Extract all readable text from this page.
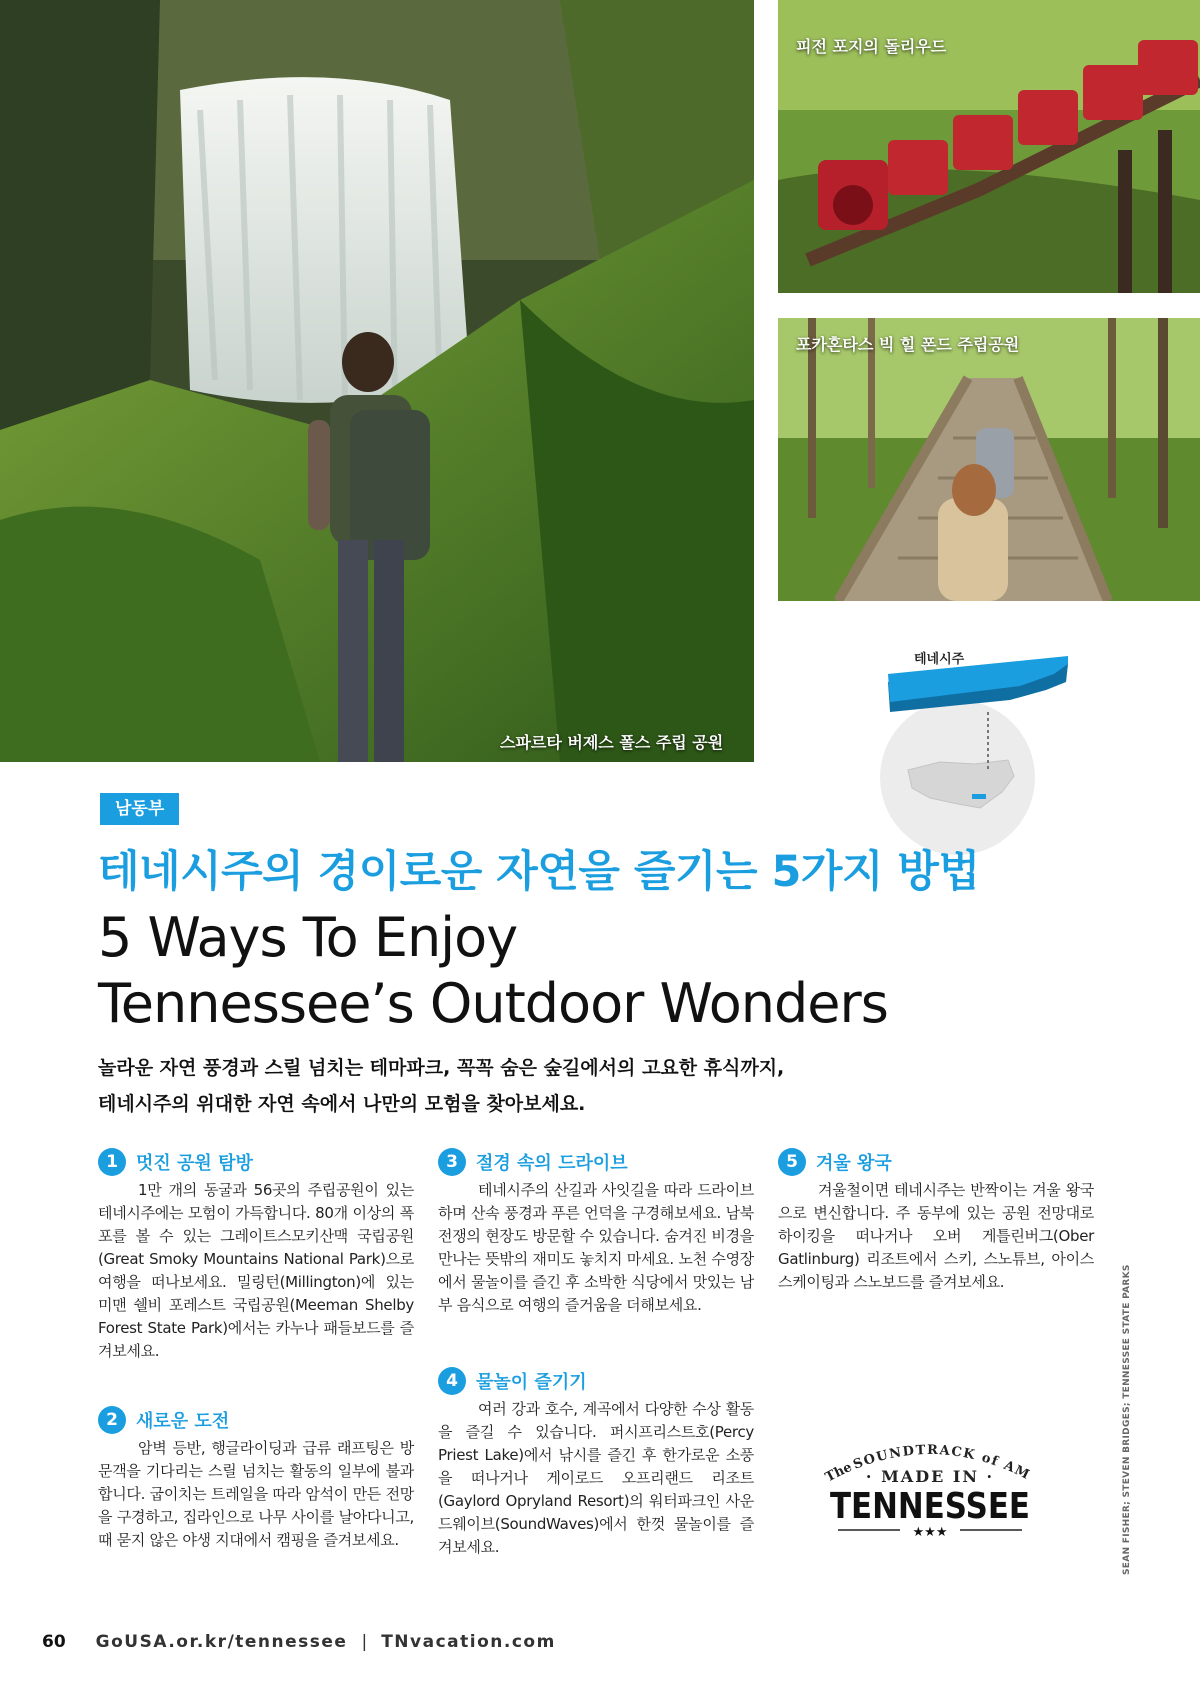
스파르타 버제스 폴스 주립 공원
피전 포지의 돌리우드
포카혼타스 빅 힐 폰드 주립공원
테네시주
남동부
테네시주의 경이로운 자연을 즐기는 5가지 방법
5 Ways To Enjoy
Tennessee’s Outdoor Wonders
놀라운 자연 풍경과 스릴 넘치는 테마파크, 꼭꼭 숨은 숲길에서의 고요한 휴식까지,
테네시주의 위대한 자연 속에서 나만의 모험을 찾아보세요.
1	멋진 공원 탐방

1만 개의 동굴과 56곳의 주립공원이 있는 테네시주에는 모험이 가득합니다. 80개 이상의 폭포를 볼 수 있는 그레이트스모키산맥 국립공원(Great Smoky Mountains National Park)으로 여행을 떠나보세요. 밀링턴(Millington)에 있는 미맨 쉘비 포레스트 국립공원(Meeman Shelby Forest State Park)에서는 카누나 패들보드를 즐겨보세요.

2	새로운 도전

암벽 등반, 행글라이딩과 급류 래프팅은 방문객을 기다리는 스릴 넘치는 활동의 일부에 불과합니다. 굽이치는 트레일을 따라 암석이 만든 전망을 구경하고, 집라인으로 나무 사이를 날아다니고, 때 묻지 않은 야생 지대에서 캠핑을 즐겨보세요.

3	절경 속의 드라이브

테네시주의 산길과 사잇길을 따라 드라이브하며 산속 풍경과 푸른 언덕을 구경해보세요. 남북 전쟁의 현장도 방문할 수 있습니다. 숨겨진 비경을 만나는 뜻밖의 재미도 놓치지 마세요. 노천 수영장에서 물놀이를 즐긴 후 소박한 식당에서 맛있는 남부 음식으로 여행의 즐거움을 더해보세요.

4	물놀이 즐기기

여러 강과 호수, 계곡에서 다양한 수상 활동을 즐길 수 있습니다. 퍼시프리스트호(Percy Priest Lake)에서 낚시를 즐긴 후 한가로운 소풍을 떠나거나 게이로드 오프리랜드 리조트(Gaylord Opryland Resort)의 워터파크인 사운드웨이브(SoundWaves)에서 한껏 물놀이를 즐겨보세요.

5	겨울 왕국

겨울철이면 테네시주는 반짝이는 겨울 왕국으로 변신합니다. 주 동부에 있는 공원 전망대로 하이킹을 떠나거나 오버 게틀린버그(Ober Gatlinburg) 리조트에서 스키, 스노튜브, 아이스 스케이팅과 스노보드를 즐겨보세요.

The
SOUNDTRACK of AM
· MADE IN ·
TENNESSEE
★★★	SEAN FISHER; STEVEN BRIDGES; TENNESSEE STATE PARKS
60 GoUSA.or.kr/tennessee | TNvacation.com
